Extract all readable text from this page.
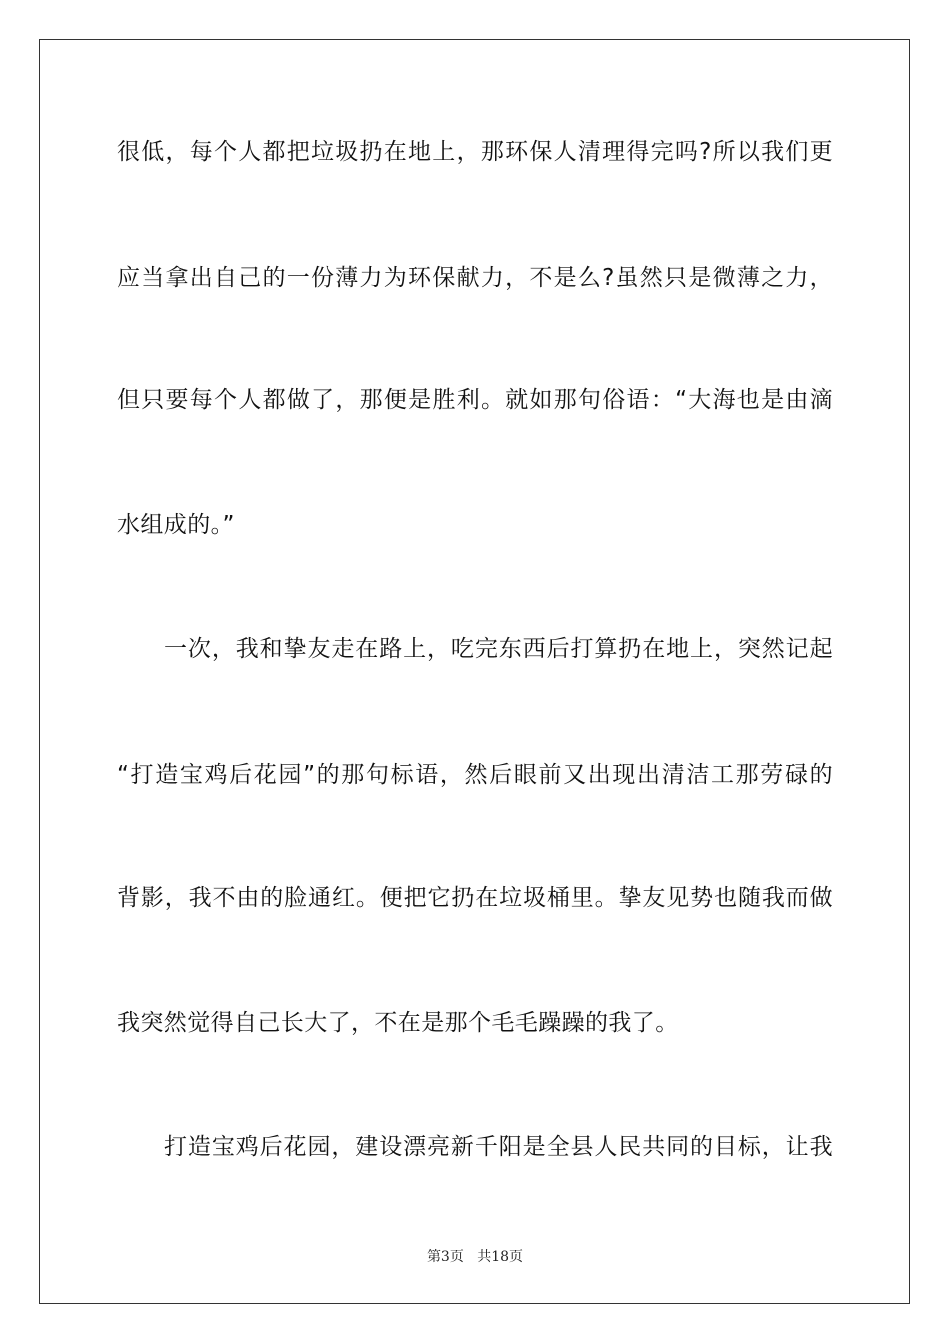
很低，每个人都把垃圾扔在地上，那环保人清理得完吗?所以我们更
应当拿出自己的一份薄力为环保献力，不是么?虽然只是微薄之力，
但只要每个人都做了，那便是胜利。就如那句俗语：“大海也是由滴
水组成的。”
一次，我和挚友走在路上，吃完东西后打算扔在地上，突然记起
“打造宝鸡后花园”的那句标语，然后眼前又出现出清洁工那劳碌的
背影，我不由的脸通红。便把它扔在垃圾桶里。挚友见势也随我而做
我突然觉得自己长大了，不在是那个毛毛躁躁的我了。
打造宝鸡后花园，建设漂亮新千阳是全县人民共同的目标，让我
第3页 共18页
